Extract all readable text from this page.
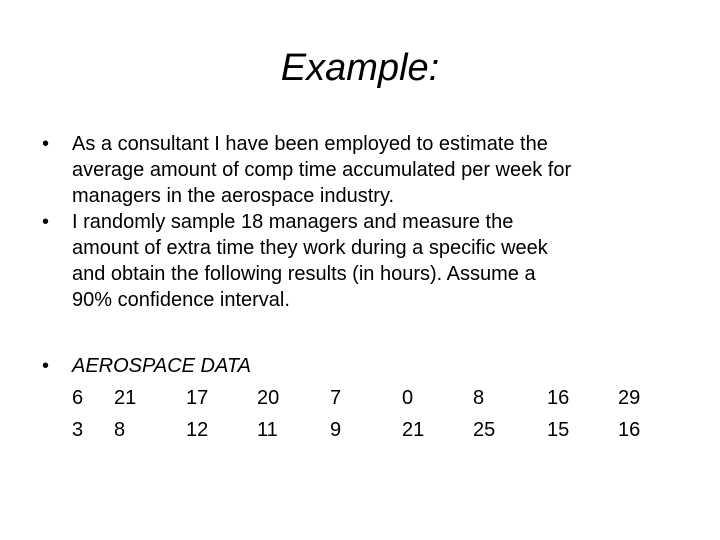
Example:
• As a consultant I have been employed to estimate the
average amount of comp time accumulated per week for
managers in the aerospace industry.
• I randomly sample 18 managers and measure the
amount of extra time they work during a specific week
and obtain the following results (in hours). Assume a
90% confidence interval.
• AEROSPACE DATA
6 21 17 20	7	0	8	16 29
3 8	12 11	9	21 25	15 16
